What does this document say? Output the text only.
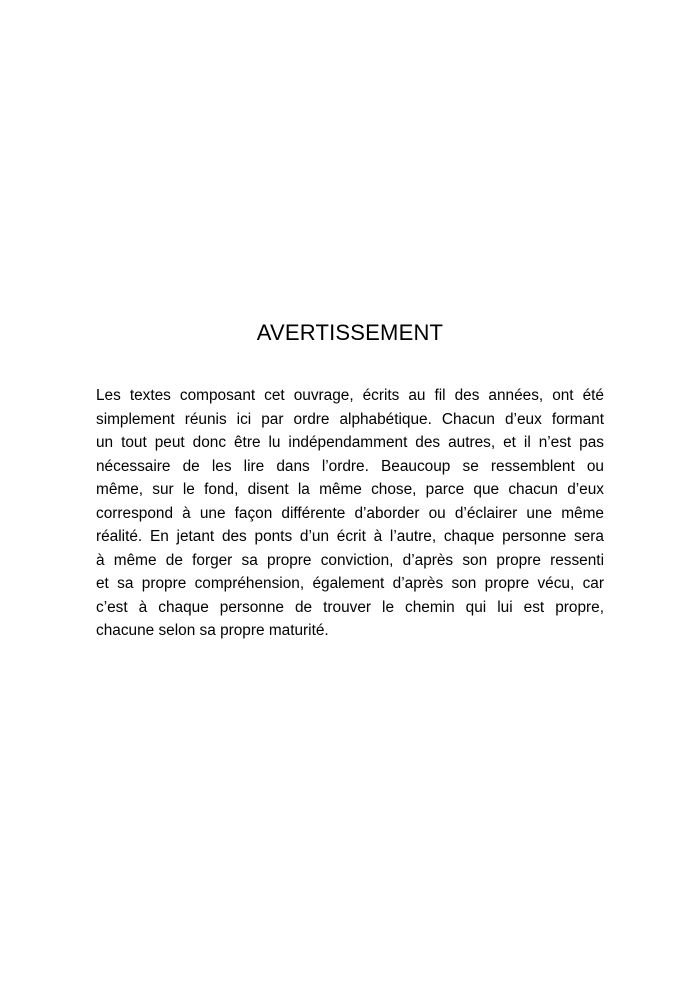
AVERTISSEMENT
Les textes composant cet ouvrage, écrits au fil des années, ont été
simplement réunis ici par ordre alphabétique. Chacun d’eux formant
un tout peut donc être lu indépendamment des autres, et il n’est pas
nécessaire de les lire dans l’ordre. Beaucoup se ressemblent ou
même, sur le fond, disent la même chose, parce que chacun d’eux
correspond à une façon différente d’aborder ou d’éclairer une même
réalité. En jetant des ponts d’un écrit à l’autre, chaque personne sera
à même de forger sa propre conviction, d’après son propre ressenti
et sa propre compréhension, également d’après son propre vécu, car
c’est à chaque personne de trouver le chemin qui lui est propre,
chacune selon sa propre maturité.
